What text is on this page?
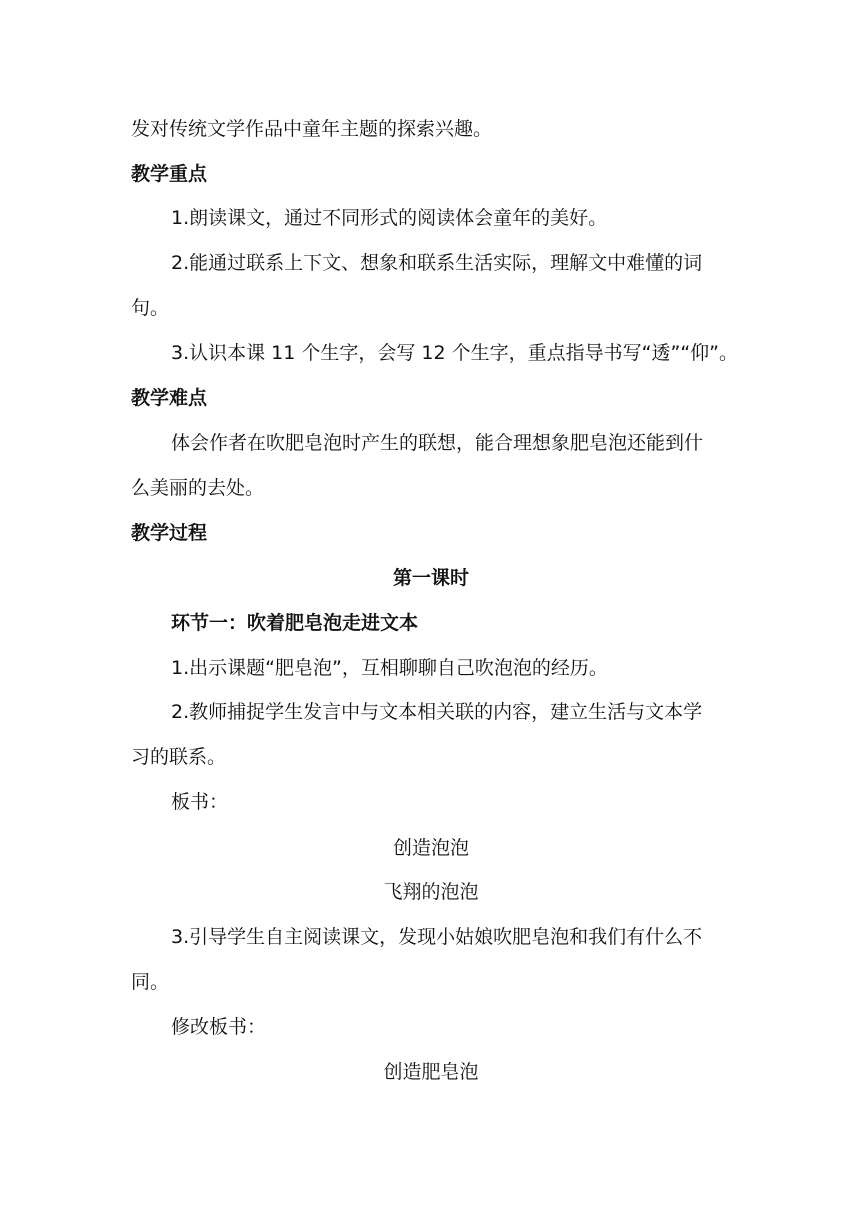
发对传统文学作品中童年主题的探索兴趣。
教学重点
1.朗读课文，通过不同形式的阅读体会童年的美好。
2.能通过联系上下文、想象和联系生活实际，理解文中难懂的词
句。
3.认识本课 11 个生字，会写 12 个生字，重点指导书写“透”“仰”。
教学难点
体会作者在吹肥皂泡时产生的联想，能合理想象肥皂泡还能到什
么美丽的去处。
教学过程
第一课时
环节一：吹着肥皂泡走进文本
1.出示课题“肥皂泡”，互相聊聊自己吹泡泡的经历。
2.教师捕捉学生发言中与文本相关联的内容，建立生活与文本学
习的联系。
板书：
创造泡泡
飞翔的泡泡
3.引导学生自主阅读课文，发现小姑娘吹肥皂泡和我们有什么不
同。
修改板书：
创造肥皂泡
